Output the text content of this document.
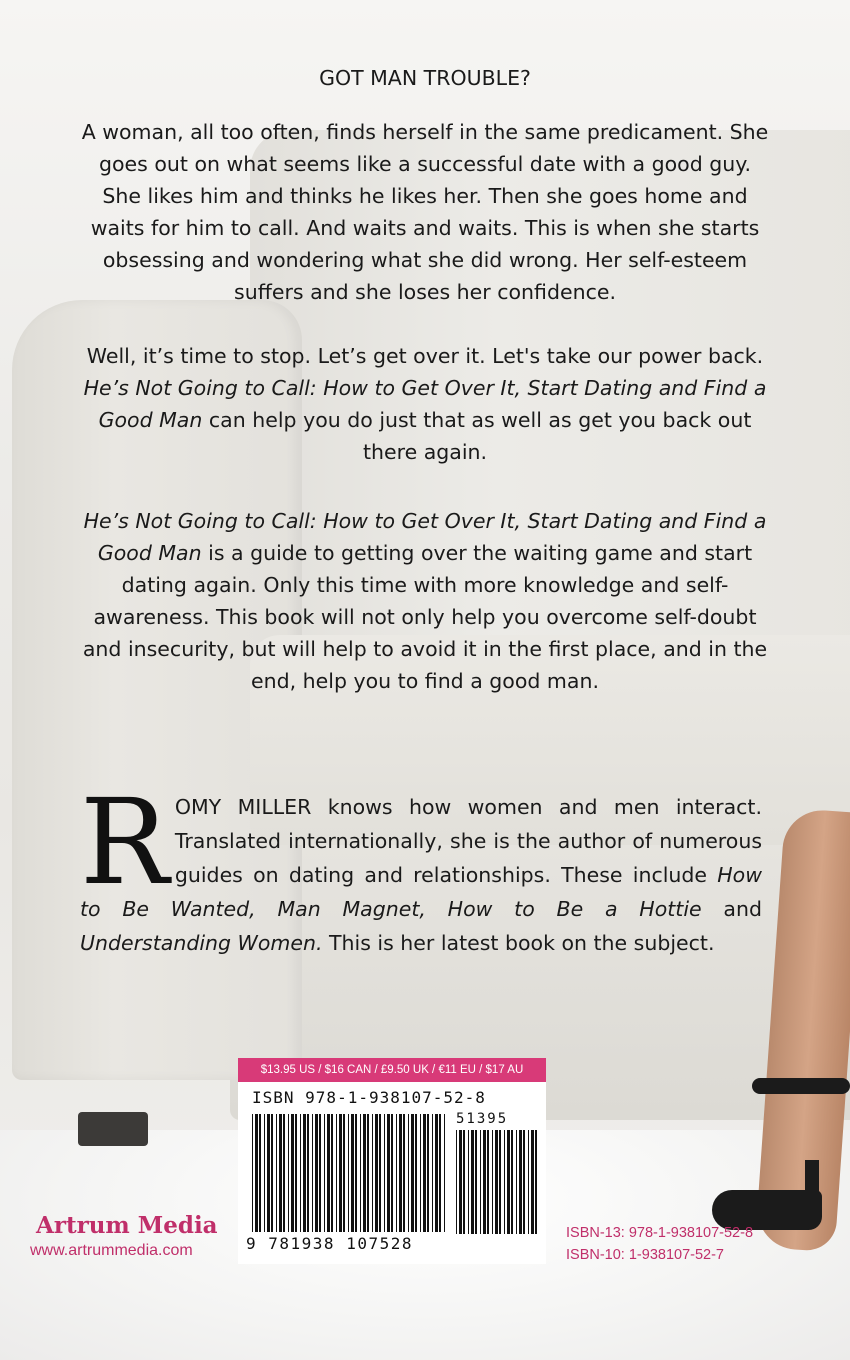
GOT MAN TROUBLE?
A woman, all too often, finds herself in the same predicament. She goes out on what seems like a successful date with a good guy. She likes him and thinks he likes her. Then she goes home and waits for him to call. And waits and waits. This is when she starts obsessing and wondering what she did wrong. Her self-esteem suffers and she loses her confidence.
Well, it’s time to stop. Let’s get over it. Let's take our power back. He’s Not Going to Call: How to Get Over It, Start Dating and Find a Good Man can help you do just that as well as get you back out there again.
He’s Not Going to Call: How to Get Over It, Start Dating and Find a Good Man is a guide to getting over the waiting game and start dating again. Only this time with more knowledge and self-awareness. This book will not only help you overcome self-doubt and insecurity, but will help to avoid it in the first place, and in the end, help you to find a good man.
ROMY MILLER knows how women and men interact. Translated internationally, she is the author of numerous guides on dating and relationships. These include How to Be Wanted, Man Magnet, How to Be a Hottie and Understanding Women. This is her latest book on the subject.
$13.95 US / $16 CAN / £9.50 UK / €11 EU / $17 AU
ISBN 978-1-938107-52-8
51395
9 781938 107528
Artrum Media
www.artrummedia.com
ISBN-13: 978-1-938107-52-8
ISBN-10: 1-938107-52-7
